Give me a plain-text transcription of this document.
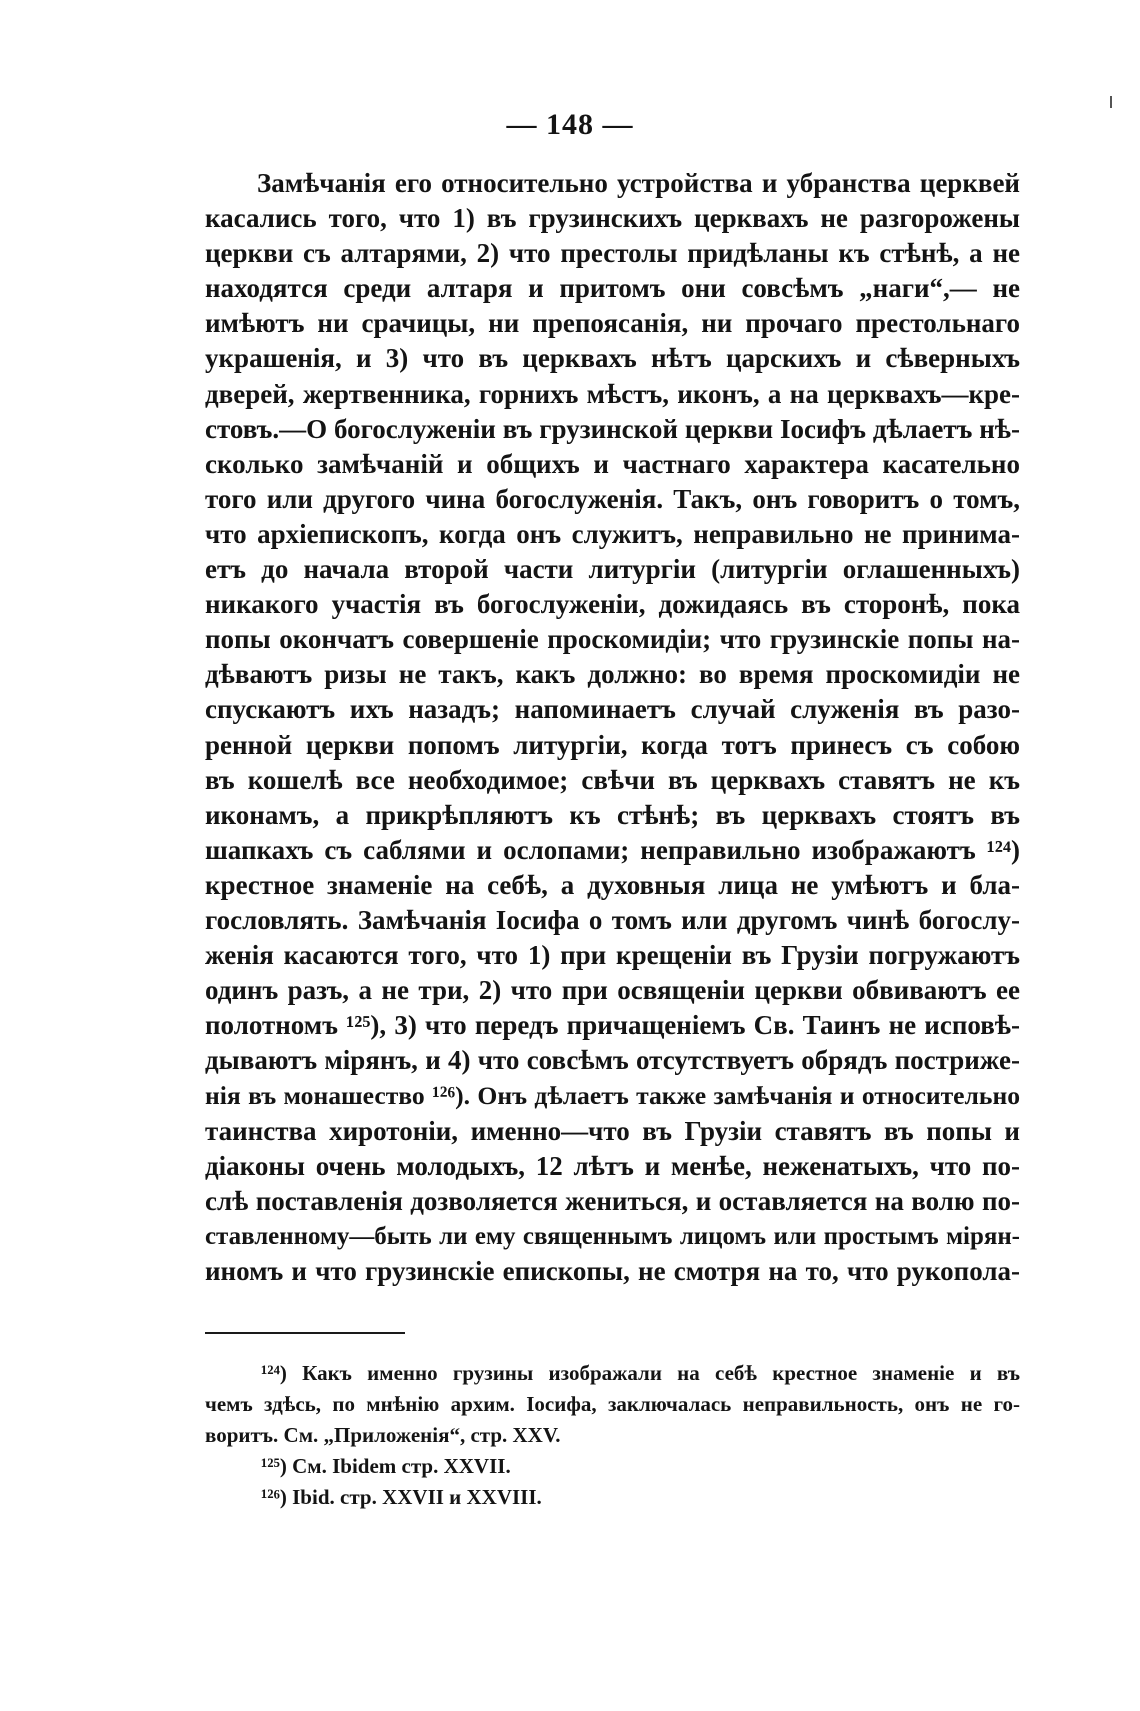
— 148 —
Замѣчанія его относительно устройства и убранства церквей
касались того, что 1) въ грузинскихъ церквахъ не разгорожены
церкви съ алтарями, 2) что престолы придѣланы къ стѣнѣ, а не
находятся среди алтаря и притомъ они совсѣмъ „наги“,— не
имѣютъ ни срачицы, ни препоясанія, ни прочаго престольнаго
украшенія, и 3) что въ церквахъ нѣтъ царскихъ и сѣверныхъ
дверей, жертвенника, горнихъ мѣстъ, иконъ, а на церквахъ—кре-
стовъ.—О богослуженіи въ грузинской церкви Іосифъ дѣлаетъ нѣ-
сколько замѣчаній и общихъ и частнаго характера касательно
того или другого чина богослуженія. Такъ, онъ говоритъ о томъ,
что архіепископъ, когда онъ служитъ, неправильно не принима-
етъ до начала второй части литургіи (литургіи оглашенныхъ)
никакого участія въ богослуженіи, дожидаясь въ сторонѣ, пока
попы окончатъ совершеніе проскомидіи; что грузинскіе попы на-
дѣваютъ ризы не такъ, какъ должно: во время проскомидіи не
спускаютъ ихъ назадъ; напоминаетъ случай служенія въ разо-
ренной церкви попомъ литургіи, когда тотъ принесъ съ собою
въ кошелѣ все необходимое; свѣчи въ церквахъ ставятъ не къ
иконамъ, а прикрѣпляютъ къ стѣнѣ; въ церквахъ стоятъ въ
шапкахъ съ саблями и ослопами; неправильно изображаютъ ¹²⁴)
крестное знаменіе на себѣ, а духовныя лица не умѣютъ и бла-
гословлять. Замѣчанія Іосифа о томъ или другомъ чинѣ богослу-
женія касаются того, что 1) при крещеніи въ Грузіи погружаютъ
одинъ разъ, а не три, 2) что при освященіи церкви обвиваютъ ее
полотномъ ¹²⁵), 3) что передъ причащеніемъ Св. Таинъ не исповѣ-
дываютъ мірянъ, и 4) что совсѣмъ отсутствуетъ обрядъ постриже-
нія въ монашество ¹²⁶). Онъ дѣлаетъ также замѣчанія и относительно
таинства хиротоніи, именно—что въ Грузіи ставятъ въ попы и
діаконы очень молодыхъ, 12 лѣтъ и менѣе, неженатыхъ, что по-
слѣ поставленія дозволяется жениться, и оставляется на волю по-
ставленному—быть ли ему священнымъ лицомъ или простымъ мірян-
иномъ и что грузинскіе епископы, не смотря на то, что рукопола-
¹²⁴) Какъ именно грузины изображали на себѣ крестное знаменіе и въ
чемъ здѣсь, по мнѣнію архим. Іосифа, заключалась неправильность, онъ не го-
воритъ. См. „Приложенія“, стр. XXV.
¹²⁵) См. Ibidem стр. XXVII.
¹²⁶) Ibid. стр. XXVII и XXVIII.
